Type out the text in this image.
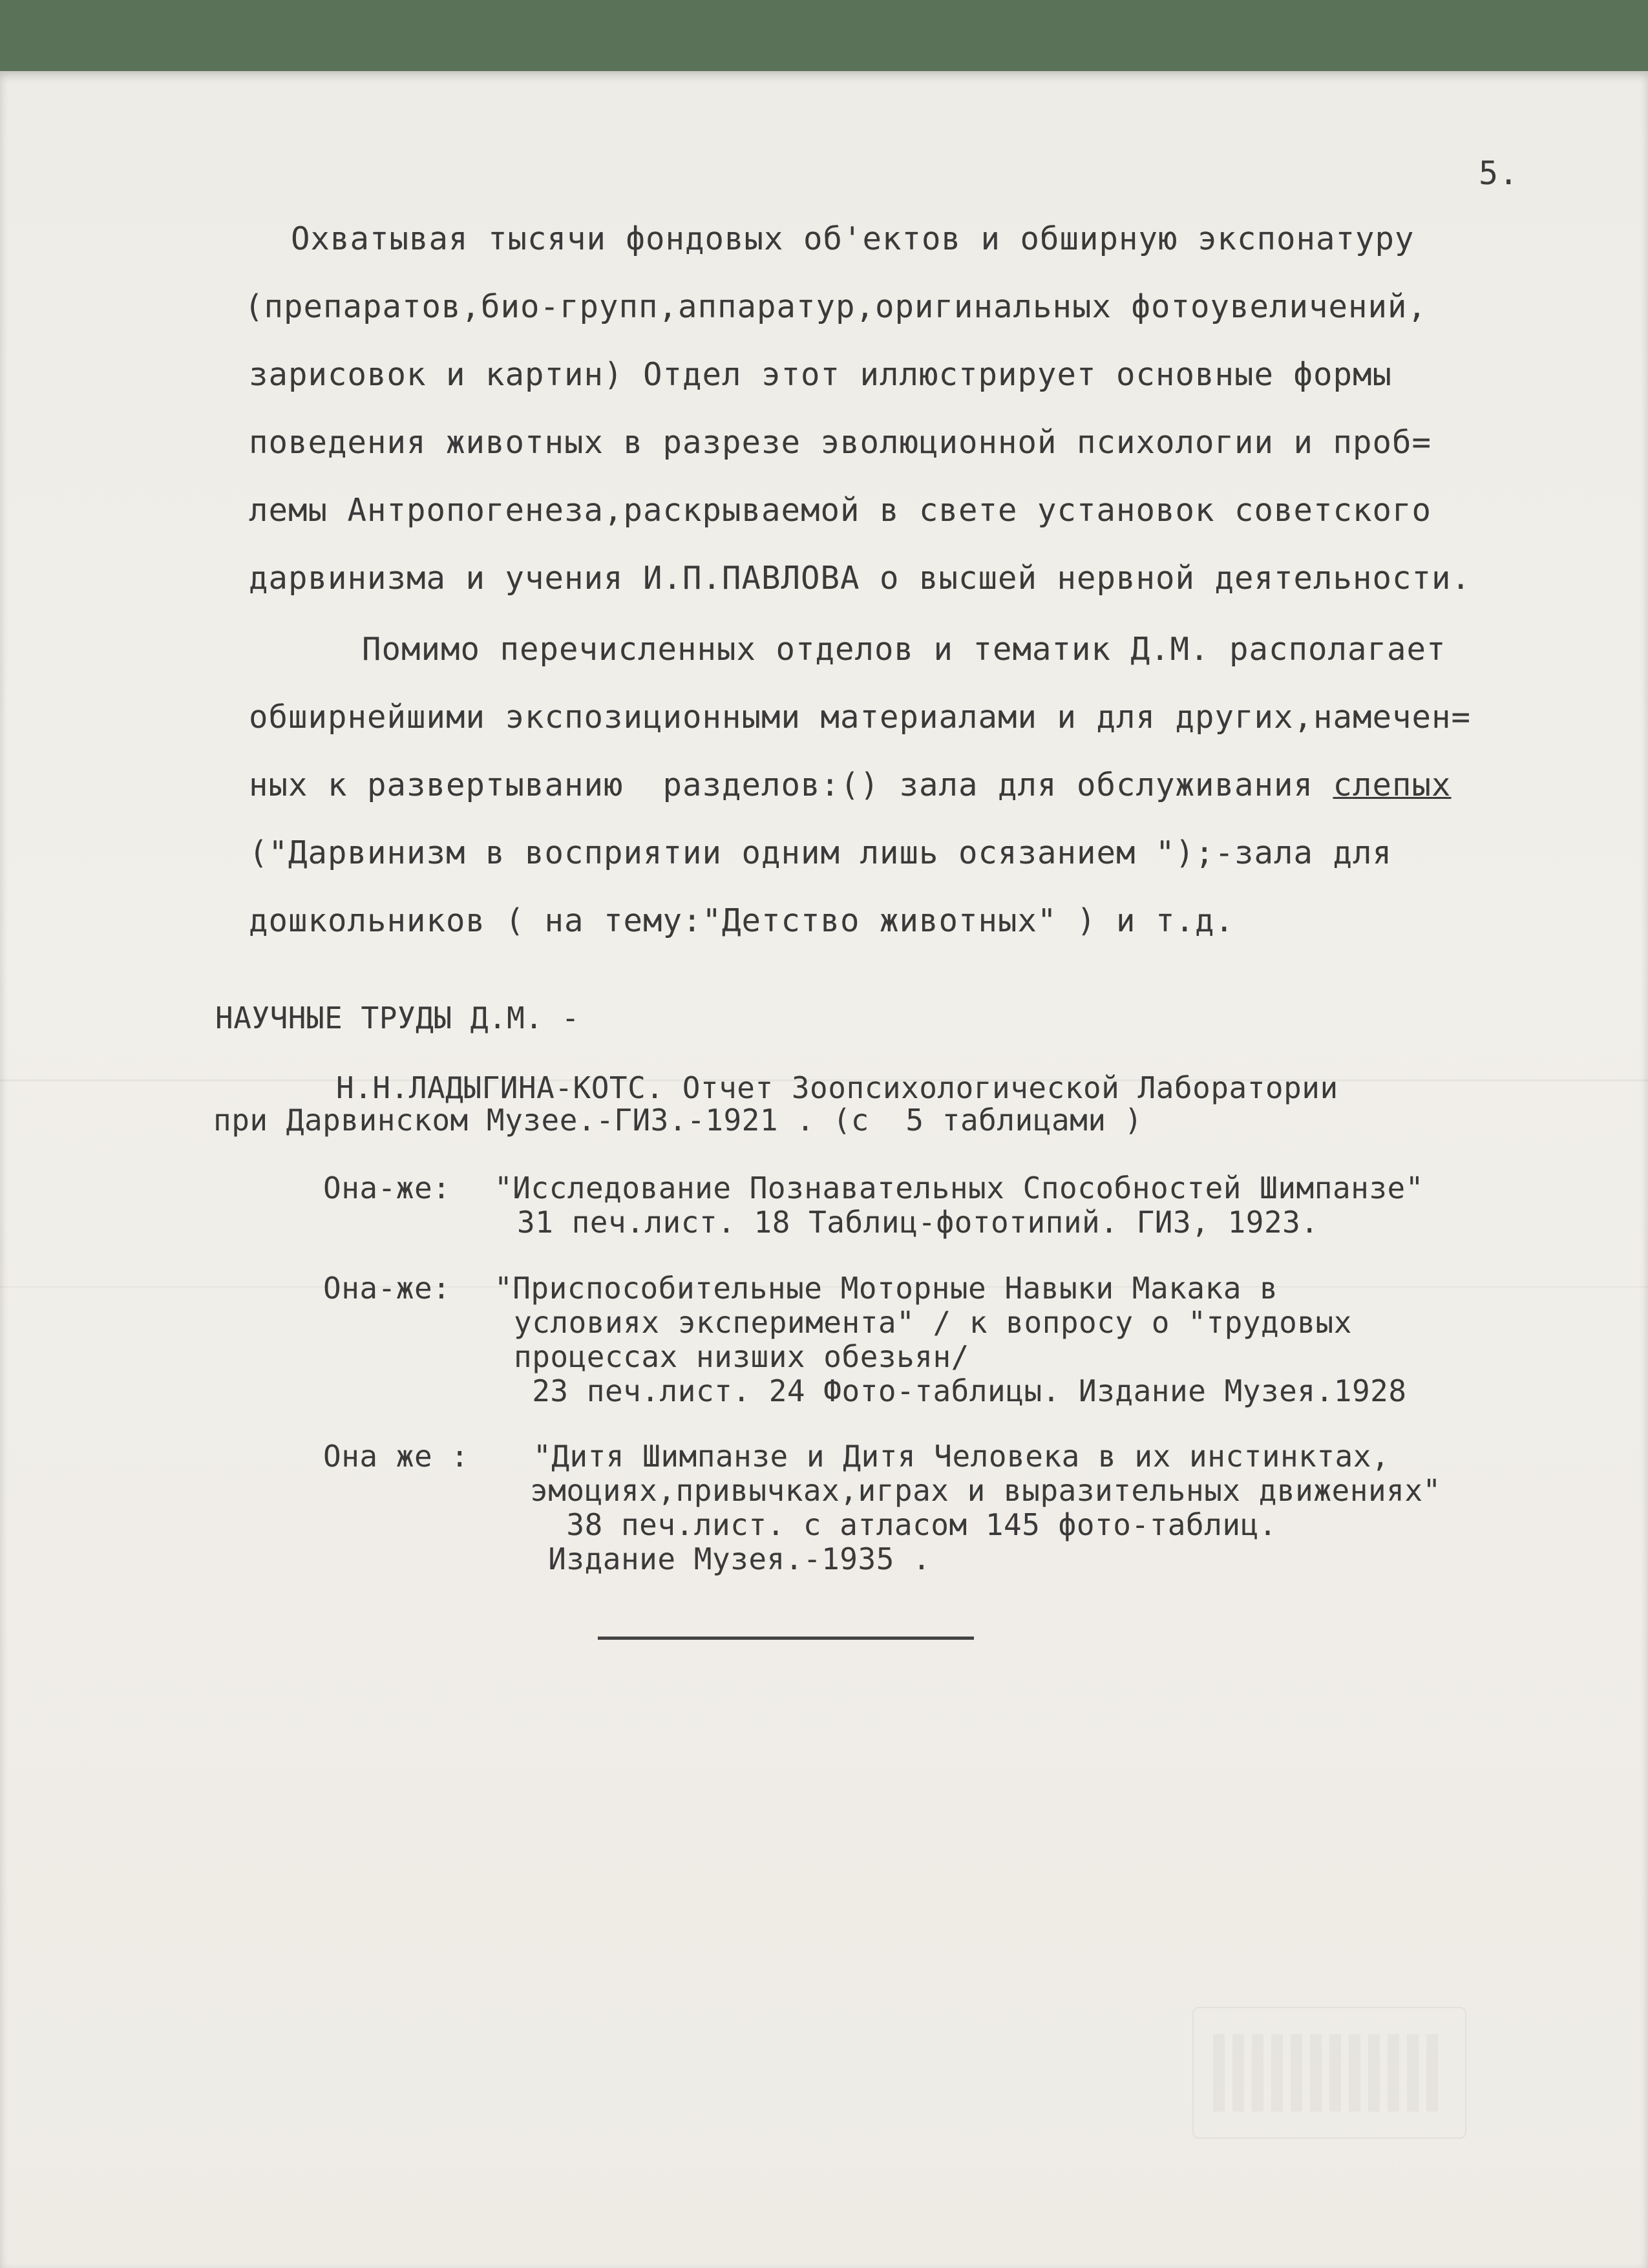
5.

Охватывая тысячи фондовых об'ектов и обширную экспонатуру

(препаратов,био-групп,аппаратур,оригинальных фотоувеличений,

зарисовок и картин) Отдел этот иллюстрирует основные формы

поведения животных в разрезе эволюционной психологии и проб=

лемы Антропогенеза,раскрываемой в свете установок советского

дарвинизма и учения И.П.ПАВЛОВА о высшей нервной деятельности.

Помимо перечисленных отделов и тематик Д.М. располагает

обширнейшими экспозиционными материалами и для других,намечен=

ных к развертыванию  разделов:() зала для обслуживания слепых

("Дарвинизм в восприятии одним лишь осязанием ");-зала для

дошкольников ( на тему:"Детство животных" ) и т.д.

НАУЧНЫЕ ТРУДЫ Д.М. -

Н.Н.ЛАДЫГИНА-КОТС. Отчет Зоопсихологической Лаборатории

при Дарвинском Музее.-ГИЗ.-1921 . (с  5 таблицами )

Она-же: "Исследование Познавательных Способностей Шимпанзе"

31 печ.лист. 18 Таблиц-фототипий. ГИЗ, 1923.

Она-же: "Приспособительные Моторные Навыки Макака в

условиях эксперимента" / к вопросу о "трудовых

процессах низших обезьян/

23 печ.лист. 24 Фото-таблицы. Издание Музея.1928

Она же : "Дитя Шимпанзе и Дитя Человека в их инстинктах,

эмоциях,привычках,играх и выразительных движениях"

38 печ.лист. с атласом 145 фото-таблиц.

Издание Музея.-1935 .
